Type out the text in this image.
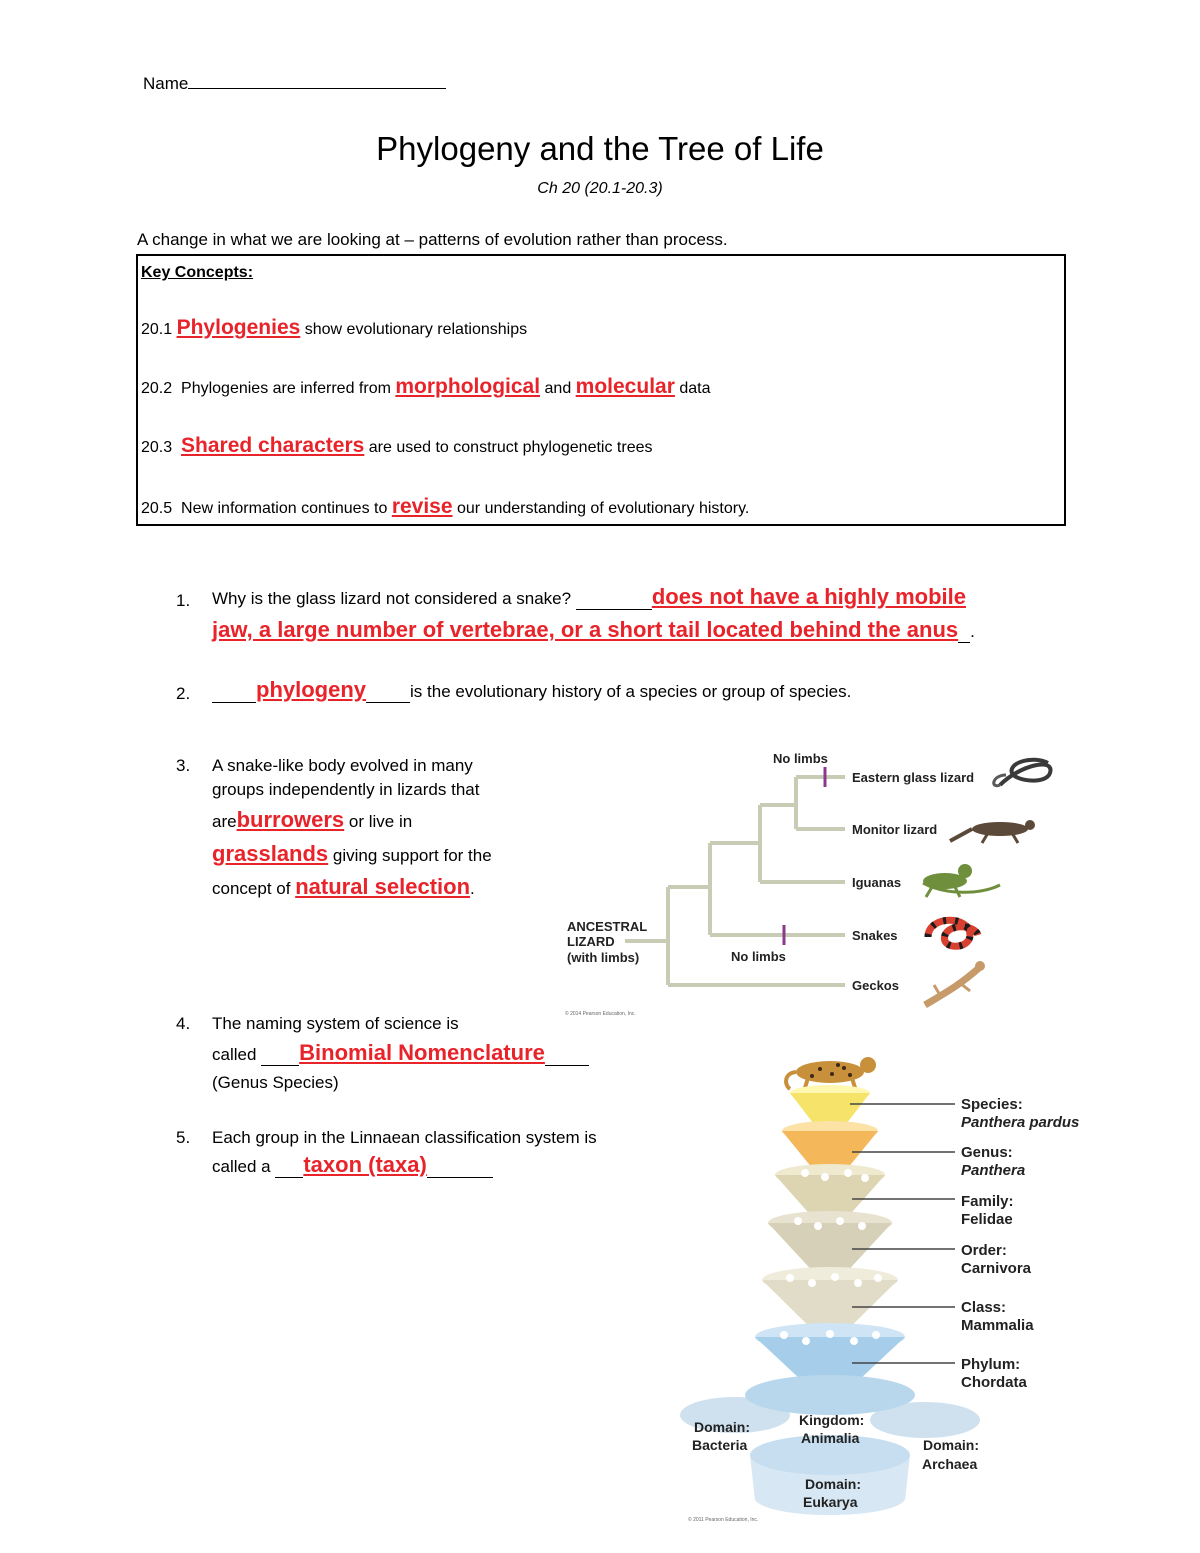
Name
Phylogeny and the Tree of Life
Ch 20 (20.1-20.3)
A change in what we are looking at – patterns of evolution rather than process.
Key Concepts:
20.1 Phylogenies show evolutionary relationships
20.2 Phylogenies are inferred from morphological and molecular data
20.3 Shared characters are used to construct phylogenetic trees
20.5 New information continues to revise our understanding of evolutionary history.
1. Why is the glass lizard not considered a snake?	does not have a highly mobile
jaw, a large number of vertebrae, or a short tail located behind the anus .
2.	phylogeny	is the evolutionary history of a species or group of species.
3. A snake-like body evolved in many
groups independently in lizards that
areburrowers or live in
grasslands giving support for the
concept of natural selection.
4. The naming system of science is
called Binomial Nomenclature
(Genus Species)
5. Each group in the Linnaean classification system is
called a taxon (taxa)
No limbs
No limbs
ANCESTRAL
LIZARD
(with limbs)
Eastern glass lizard
Monitor lizard
Iguanas
Snakes
Geckos
© 2014 Pearson Education, Inc.
Species:
Panthera pardus
Genus:
Panthera
Family:
Felidae
Order:
Carnivora
Class:
Mammalia
Phylum:
Chordata
Domain:
Bacteria
Kingdom:
Animalia	Domain:
Archaea
Domain:
Eukarya
© 2011 Pearson Education, Inc.
